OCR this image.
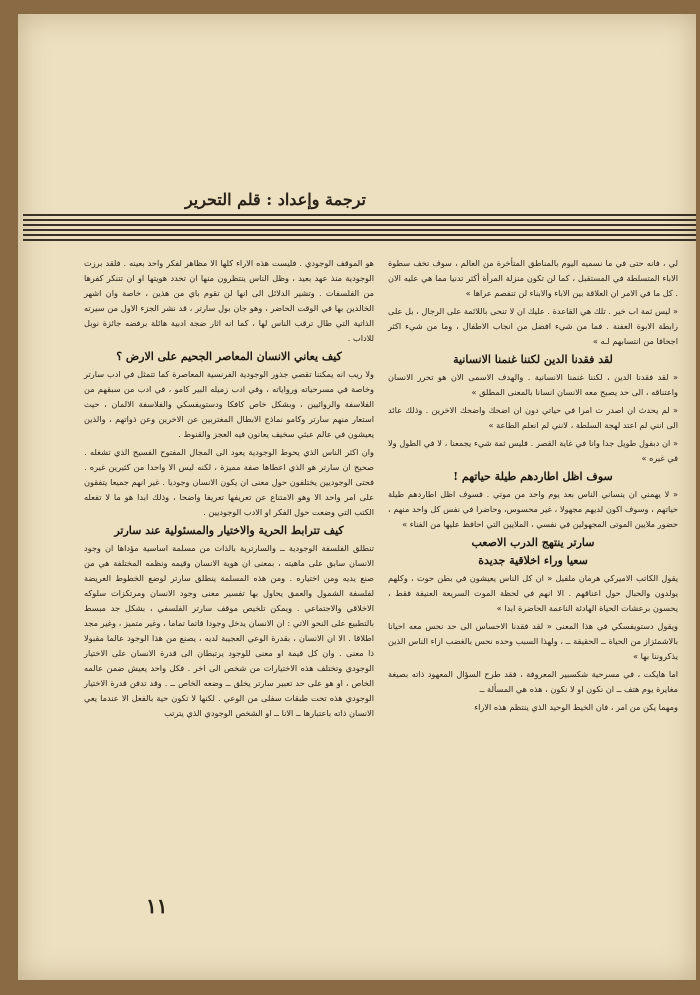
ترجمة وإعداد : قلم التحرير

لي ، فانه حتى في ما نسميه اليوم بالمناطق المتأخرة من العالم ، سوف تخف سطوة الاباء المتسلطة في المستقبل ، كما لن تكون منزلة المرأة أكثر تدنيا مما هي عليه الان . كل ما في الامر ان العلاقة بين الاباء والابناء لن تنفصم عراها »

« ليس ثمة اب خير . تلك هي القاعدة . عليك ان لا تنحى باللائمة على الرجال ، بل على رابطة الابوة العفنة . فما من شيء افضل من انجاب الاطفال ، وما من شيء اكثر اجحافا من انتسابهم لـه »

لقد فقدنا الدين لكننا غنمنا الانسانية

« لقد فقدنا الدين ، لكننا غنمنا الانسانية . والهدف الاسمى الان هو تحرر الانسان واعتناقه ، الى حد يصبح معه الانسان انسانا بالمعنى المطلق »

« لم يحدث ان اصدر ت امرا في حياتي دون ان اضحك واضحك الاخرين . وذلك عائد الى انني لم اعتد لهجة السلطة ، لانني لم انعلم الطاعة »

« ان دبفول طويل جدا وانا في غاية القصر . فليس ثمة شيء يجمعنا ، لا في الطول ولا في غيره »

سوف اظل اطاردهم طيلة حياتهم !

« لا يهمني ان ينساني الناس بعد يوم واحد من موتي . فسوف اظل اطاردهم طيلة حياتهم ، وسوف اكون لديهم مجهولا ، غير محسوس، وحاضرا في نفس كل واحد منهم ، حضور ملايين الموتى المجهولين في نفسي ، الملايين التي احافظ عليها من الفناء »

سارتر ينتهج الدرب الاصعب
سعيا وراء اخلاقية جديدة

يقول الكاتب الاميركي هرمان ملفيل « ان كل الناس يعيشون في بطن حوت ، وكلهم يولدون والحبال حول اعناقهم . الا انهم في لحظة الموت السريعة العنيفة فقط ، يحسون برعشات الحياة الهادئة الناعمة الحاضرة ابدا »

ويقول دستويفسكي في هذا المعنى « لقد فقدنا الاحساس الى حد نحس معه احيانا بالاشمئزاز من الحياة ــ الحقيقة ــ ، ولهذا السبب وحده نحس بالغضب ازاء الناس الذين يذكروننا بها »

اما هايكت ، في مسرحية شكسبير المعروفة ، فقد طرح السؤال المعهود ذاته بصيغة مغايرة يوم هتف ــ ان نكون او لا نكون ، هذه هي المسألة ــ

ومهما يكن من امر ، فان الخيط الوحيد الذي ينتظم هذه الاراء

هو الموقف الوجودي . فليست هذه الاراء كلها الا مظاهر لفكر واحد بعينه . فلقد برزت الوجودية منذ عهد بعيد ، وظل الناس ينتظرون منها ان تحدد هويتها او ان تتنكر كفرها من الفلسفات . وتشير الدلائل الى انها لن تقوم باي من هذين ، خاصة وان اشهر الخالدين بها في الوقت الحاضر ، وهو جان بول سارتر ، قد نشر الجزء الاول من سيرته الذاتية التي طال ترقب الناس لها ، كما انه اثار ضجة ادبية هائلة برفضه جائزة نوبل للاداب .

كيف يعاني الانسان المعاصر الجحيم على الارض ؟

ولا ريب انه يمكننا تقصي جذور الوجودية الفرنسية المعاصرة كما تتمثل في ادب سارتر وخاصة في مسرحياته ورواياته ، وفي ادب زميله البير كامو ، في ادب من سبقهم من الفلاسفة والروائيين ، وبشكل خاص كافكا ودستويفسكي والفلاسفة الالمان ، حيث استعار منهم سارتر وكامو نماذج الابطال المغتربين عن الاخرين وعن ذواتهم ، والذين يعيشون في عالم عبثي سخيف يعانون فيه العجز والقنوط .

وان اكثر الناس الذي يحوط الوجودية يعود الى المجال المفتوح الفسيح الذي تشغله . صحيح ان سارتر هو الذي اعطاها صفة مميزة ، لكنه ليس الا واحدا من كثيرين غيره . فحتى الوجوديين يختلفون حول معنى ان يكون الانسان وجوديا . غير انهم جميعا يتفقون على امر واحد الا وهو الامتناع عن تعريفها تعريفا واضحا ، وذلك ابدا هو ما لا تفعله الكتب التي وضعت حول الفكر او الادب الوجوديين .

كيف تترابط الحرية والاختيار والمسئولية عند سارتر

تنطلق الفلسفة الوجودية ــ والسارترية بالذات من مسلمة اساسية مؤداها ان وجود الانسان سابق على ماهيته ، بمعنى ان هوية الانسان وقيمه ونظمه المختلفة هي من صنع يديه ومن اختياره . ومن هذه المسلمة ينطلق سارتر لوضع الخطوط العريضة لفلسفة الشمول والعمق يحاول بها تفسير معنى وجود الانسان ومرتكزات سلوكه الاخلاقي والاجتماعي . ويمكن تلخيص موقف سارتر الفلسفي ، بشكل جد مبسط بالتطبيع على النحو الاتي : ان الانسان يدخل وجودا قاتما تماما ، وغير متميز ، وغير مجد اطلاقا . الا ان الانسان ، بقدرة الوعي العجيبة لديه ، يصنع من هذا الوجود عالما مقبولا ذا معنى . وان كل قيمة او معنى للوجود يرتبطان الى قدرة الانسان على الاختيار الوجودي وتختلف هذه الاختيارات من شخص الى اخر . فكل واحد يعيش ضمن عالمه الخاص ، او هو على حد تعبير سارتر يخلق ــ وضعه الخاص ــ . وقد تدفن قدرة الاختيار الوجودي هذه تحت طبقات سفلى من الوعي . لكنها لا تكون حية بالفعل الا عندما يعي الانسان ذاته باعتبارها ــ الانا ــ او الشخص الوجودي الذي يترتب

١١
